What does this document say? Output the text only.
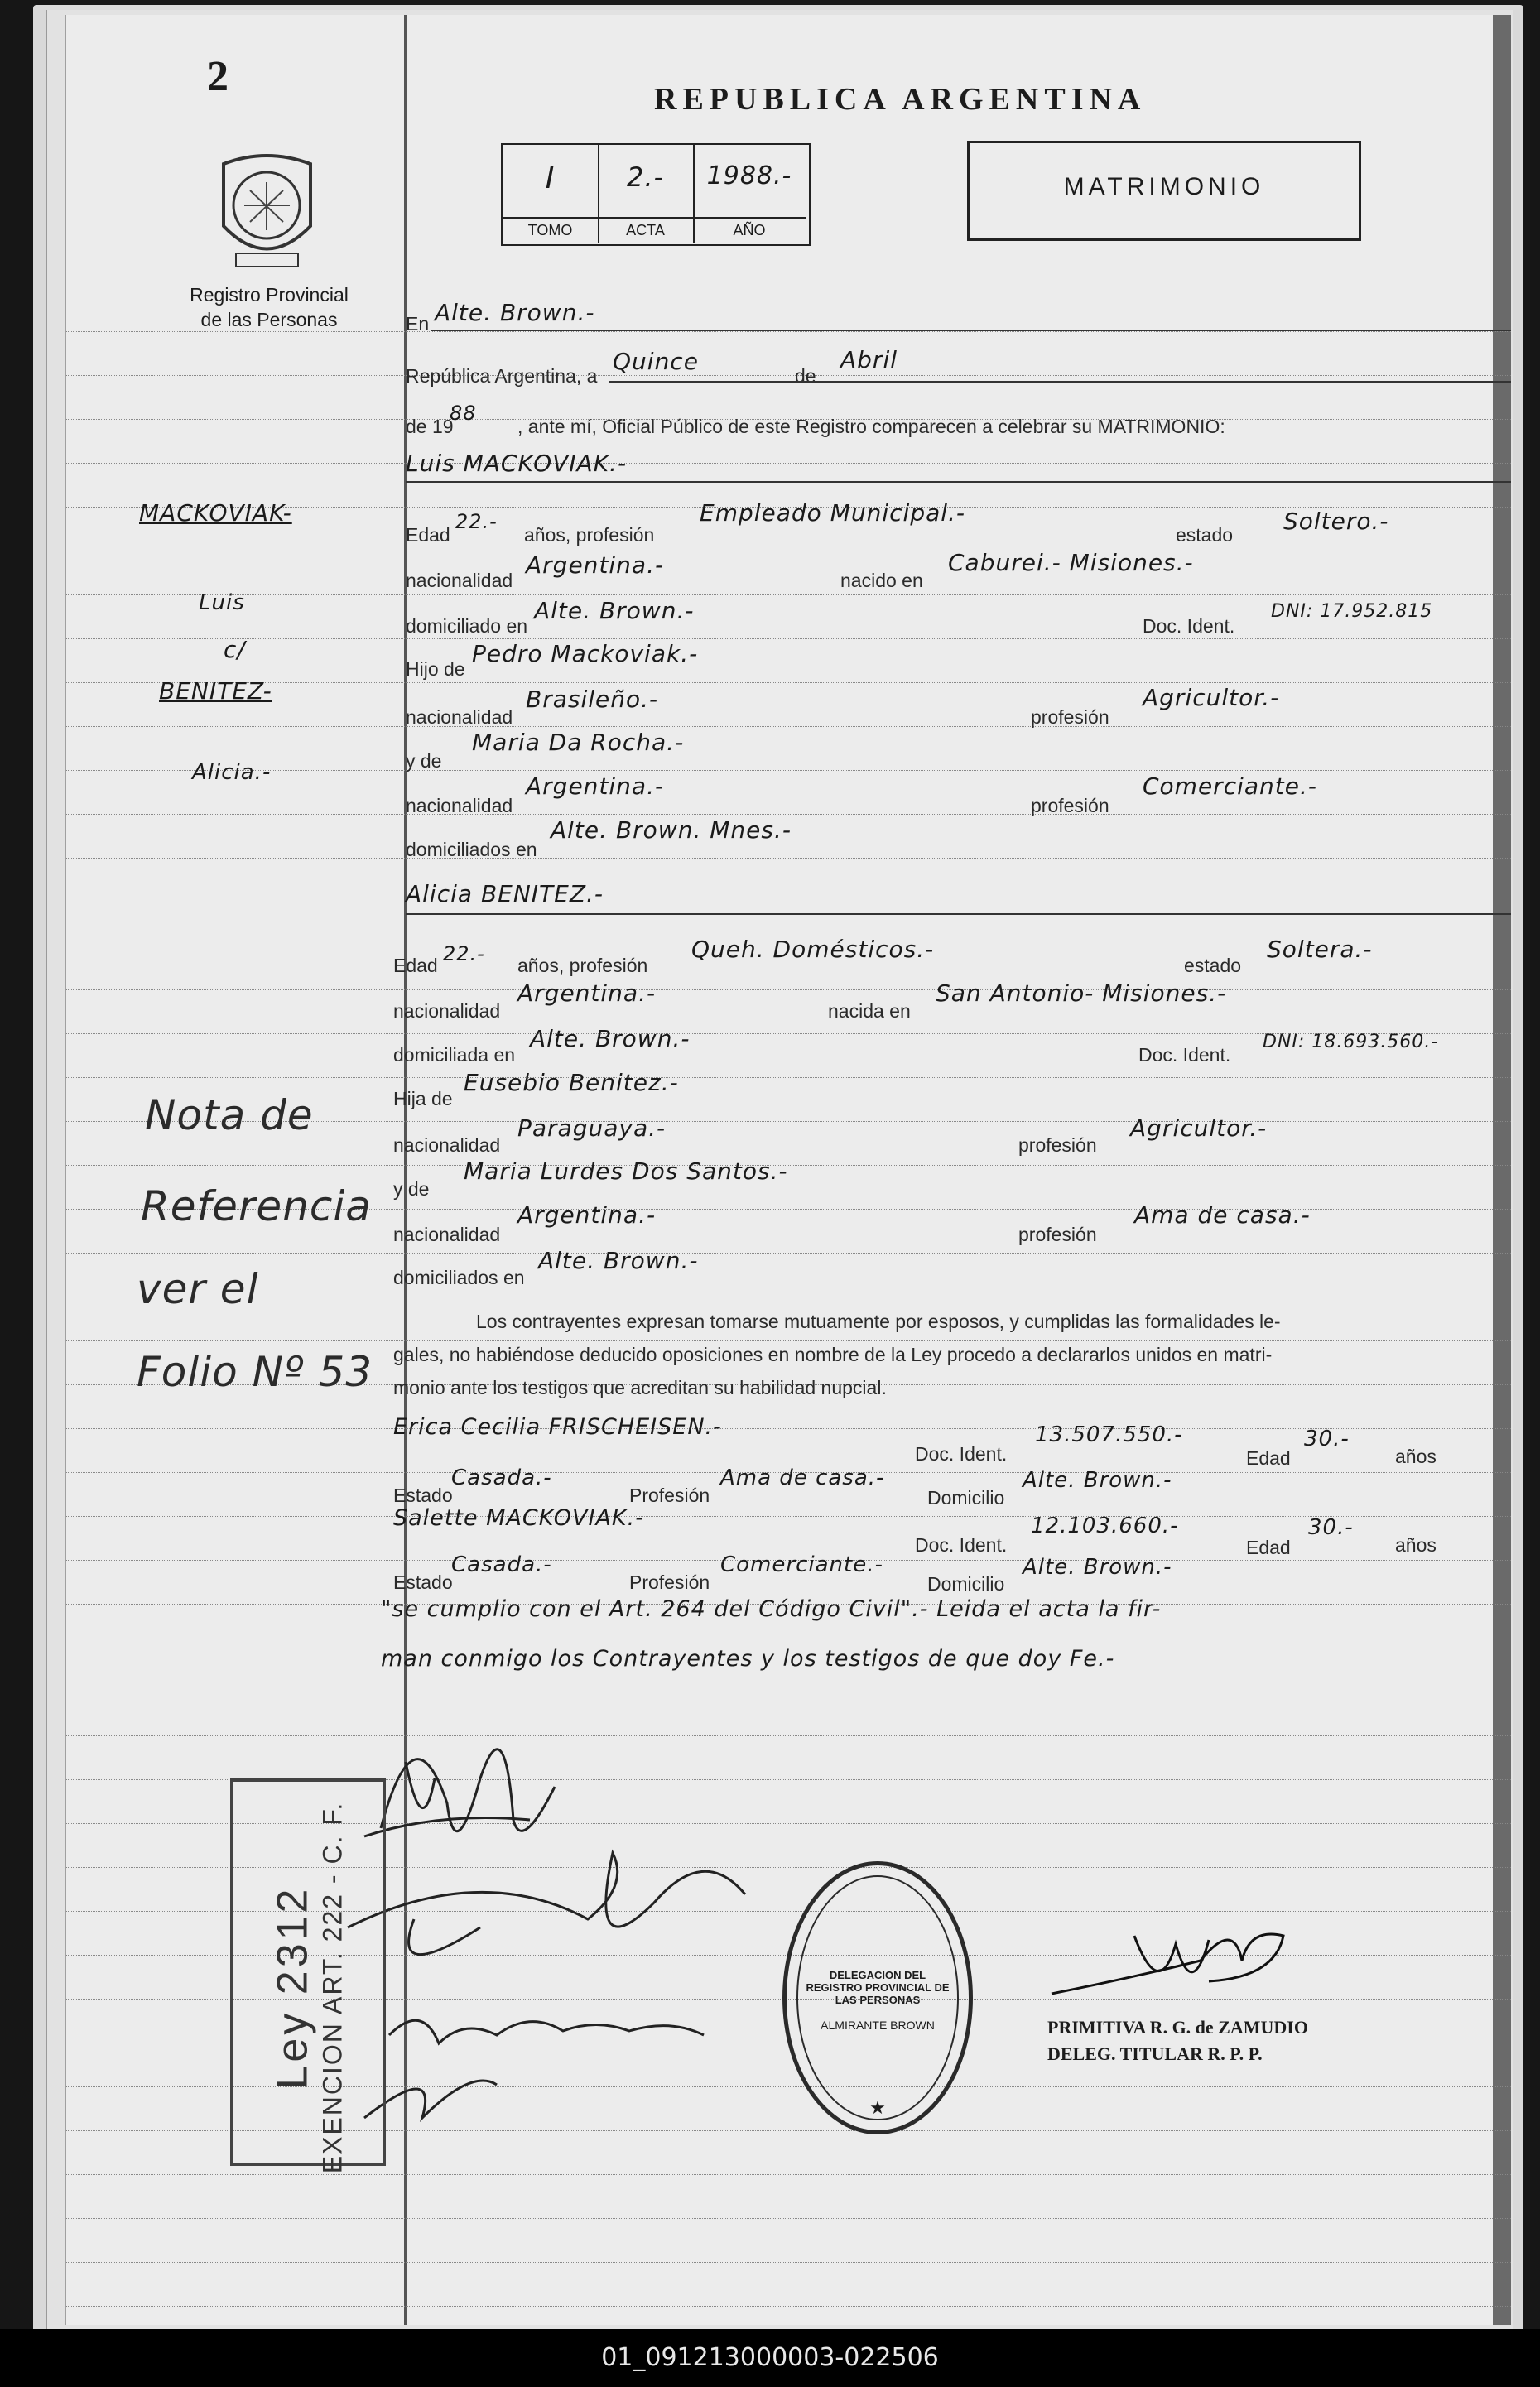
2
Registro Provincial
de las Personas
REPUBLICA ARGENTINA
I
TOMO
2.-
ACTA
1988.-
AÑO
MATRIMONIO
MACKOVIAK-
Luis
c/
BENITEZ-
Alicia.-
Nota de
Referencia
ver el
Folio Nº 53
En Alte. Brown.-
República Argentina, a
Quince
de
Abril
de 19
88
, ante mí, Oficial Público de este Registro comparecen a celebrar su MATRIMONIO:
Luis MACKOVIAK.-
Edad
22.-
años, profesión
Empleado Municipal.-
estado Soltero.-
nacionalidad
Argentina.-
nacido en
Caburei.- Misiones.-
domiciliado en
Alte. Brown.-
Doc. Ident.
DNI: 17.952.815
Hijo de
Pedro Mackoviak.-
nacionalidad
Brasileño.-
profesión
Agricultor.-
y de
Maria Da Rocha.-
nacionalidad
Argentina.-
profesión
Comerciante.-
domiciliados en
Alte. Brown. Mnes.-
Alicia BENITEZ.-
Edad 22.- años, profesión
Queh. Domésticos.-
estado
Soltera.-
nacionalidad
Argentina.-
nacida en
San Antonio- Misiones.-
domiciliada en
Alte. Brown.-
Doc. Ident.
DNI: 18.693.560.-
Hija de
Eusebio Benitez.-
nacionalidad
Paraguaya.-
profesión
Agricultor.-
y de
Maria Lurdes Dos Santos.-
nacionalidad
Argentina.-
profesión
Ama de casa.-
domiciliados en
Alte. Brown.-
Los contrayentes expresan tomarse mutuamente por esposos, y cumplidas las formalidades le-
gales, no habiéndose deducido oposiciones en nombre de la Ley procedo a declararlos unidos en matri-
monio ante los testigos que acreditan su habilidad nupcial.
Erica Cecilia FRISCHEISEN.-
Doc. Ident.
13.507.550.-
Edad
30.-
años
Estado
Casada.-
Profesión
Ama de casa.-
Domicilio
Alte. Brown.-
Salette MACKOVIAK.-
Doc. Ident.
12.103.660.-
Edad
30.-
años
Estado
Casada.-
Profesión
Comerciante.-
Domicilio
Alte. Brown.-
"se cumplio con el Art. 264 del Código Civil".- Leida el acta la fir-
man conmigo los Contrayentes y los testigos de que doy Fe.-
Ley 2312 EXENCION ART. 222 - C. F.	DELEGACION DEL REGISTRO PROVINCIAL DE LAS PERSONAS
ALMIRANTE BROWN
★
PRIMITIVA R. G. de ZAMUDIO
DELEG. TITULAR R. P. P.
01_091213000003-022506
